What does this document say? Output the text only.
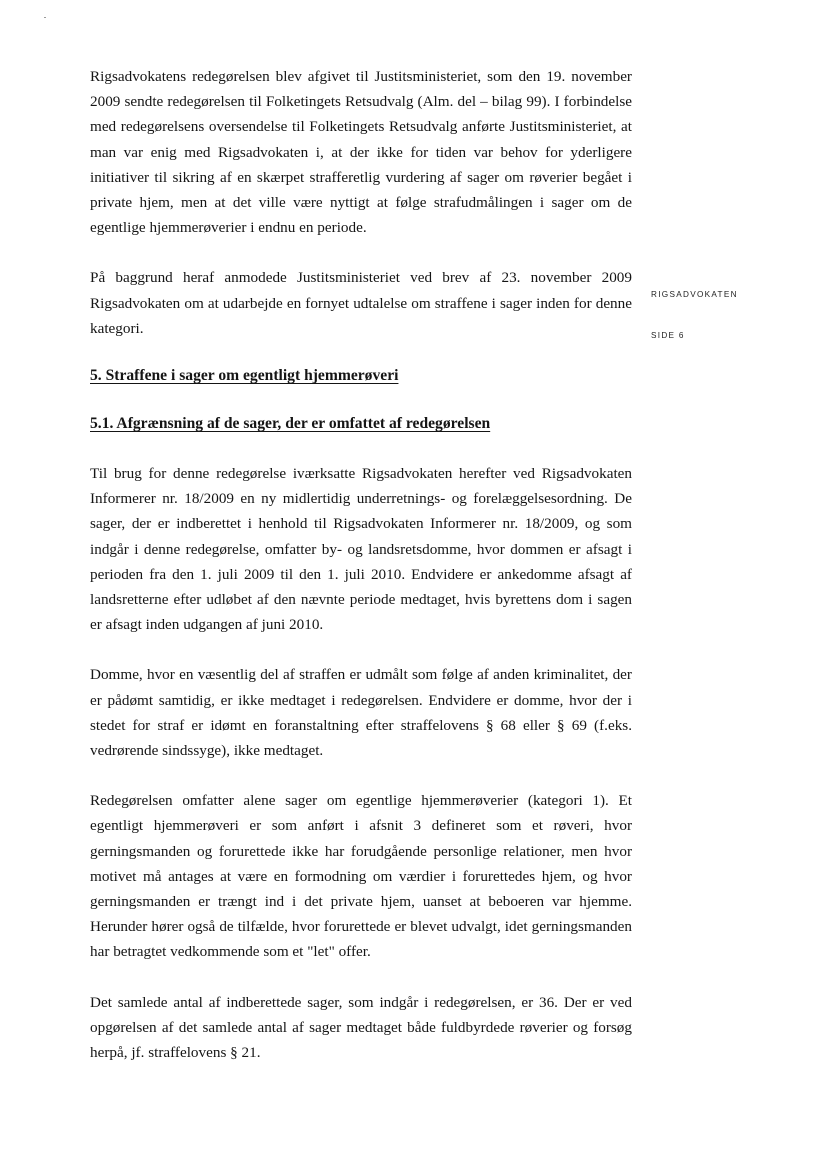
RIGSADVOKATEN
SIDE 6

Rigsadvokatens redegørelsen blev afgivet til Justitsministeriet, som den 19. november 2009 sendte redegørelsen til Folketingets Retsudvalg (Alm. del – bilag 99). I forbindelse med redegørelsens oversendelse til Folketingets Retsudvalg anførte Justitsministeriet, at man var enig med Rigsadvokaten i, at der ikke for tiden var behov for yderligere initiativer til sikring af en skærpet strafferetlig vurdering af sager om røverier begået i private hjem, men at det ville være nyttigt at følge strafudmålingen i sager om de egentlige hjemmerøverier i endnu en periode.

På baggrund heraf anmodede Justitsministeriet ved brev af 23. november 2009 Rigsadvokaten om at udarbejde en fornyet udtalelse om straffene i sager inden for denne kategori.

5. Straffene i sager om egentligt hjemmerøveri

5.1. Afgrænsning af de sager, der er omfattet af redegørelsen

Til brug for denne redegørelse iværksatte Rigsadvokaten herefter ved Rigsadvokaten Informerer nr. 18/2009 en ny midlertidig underretnings- og forelæggelsesordning. De sager, der er indberettet i henhold til Rigsadvokaten Informerer nr. 18/2009, og som indgår i denne redegørelse, omfatter by- og landsretsdomme, hvor dommen er afsagt i perioden fra den 1. juli 2009 til den 1. juli 2010. Endvidere er ankedomme afsagt af landsretterne efter udløbet af den nævnte periode medtaget, hvis byrettens dom i sagen er afsagt inden udgangen af juni 2010.

Domme, hvor en væsentlig del af straffen er udmålt som følge af anden kriminalitet, der er pådømt samtidig, er ikke medtaget i redegørelsen. Endvidere er domme, hvor der i stedet for straf er idømt en foranstaltning efter straffelovens § 68 eller § 69 (f.eks. vedrørende sindssyge), ikke medtaget.

Redegørelsen omfatter alene sager om egentlige hjemmerøverier (kategori 1). Et egentligt hjemmerøveri er som anført i afsnit 3 defineret som et røveri, hvor gerningsmanden og forurettede ikke har forudgående personlige relationer, men hvor motivet må antages at være en formodning om værdier i forurettedes hjem, og hvor gerningsmanden er trængt ind i det private hjem, uanset at beboeren var hjemme. Herunder hører også de tilfælde, hvor forurettede er blevet udvalgt, idet gerningsmanden har betragtet vedkommende som et "let" offer.

Det samlede antal af indberettede sager, som indgår i redegørelsen, er 36. Der er ved opgørelsen af det samlede antal af sager medtaget både fuldbyrdede røverier og forsøg herpå, jf. straffelovens § 21.
